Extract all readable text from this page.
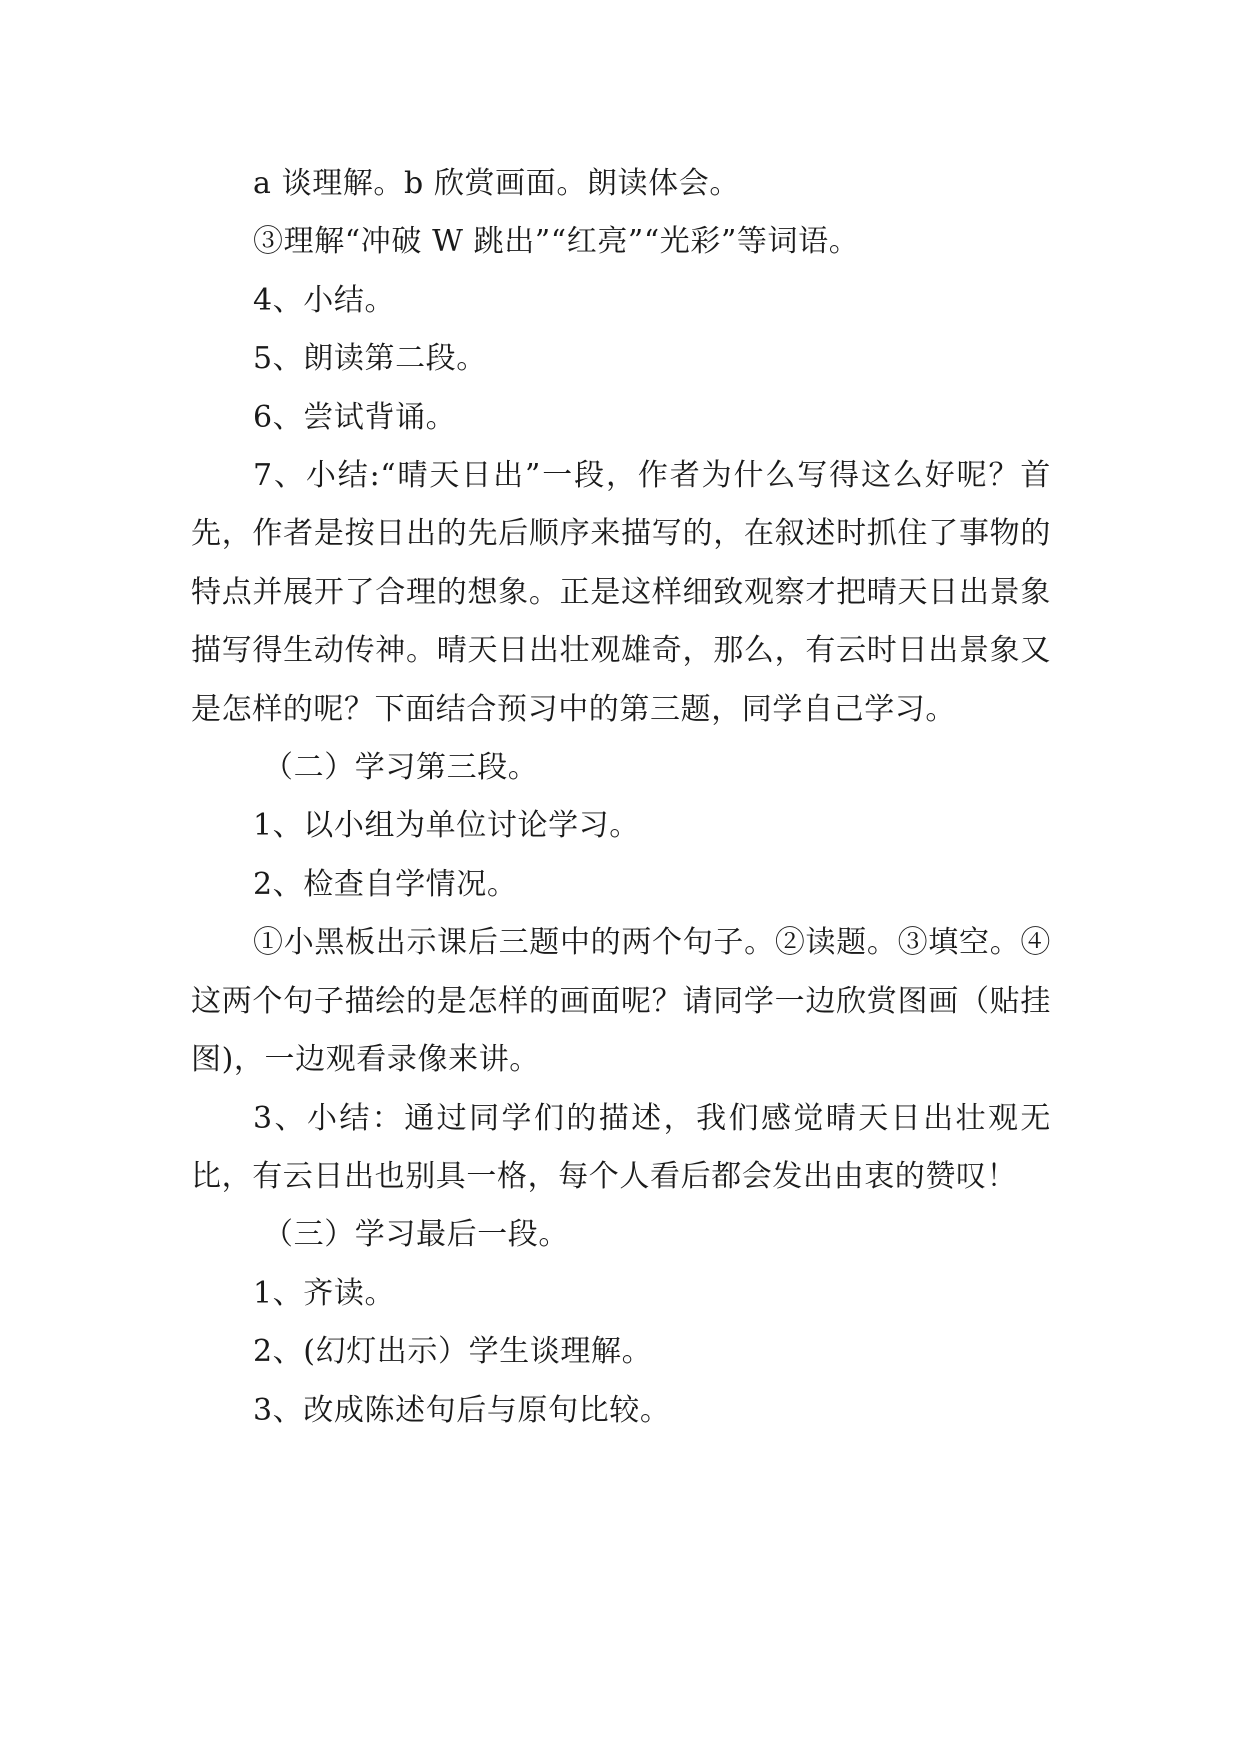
a 谈理解。b 欣赏画面。朗读体会。

③理解“冲破 W 跳出”“红亮”“光彩”等词语。

4、小结。

5、朗读第二段。

6、尝试背诵。

7、小结:“晴天日出”一段，作者为什么写得这么好呢？首先，作者是按日出的先后顺序来描写的，在叙述时抓住了事物的特点并展开了合理的想象。正是这样细致观察才把晴天日出景象描写得生动传神。晴天日出壮观雄奇，那么，有云时日出景象又是怎样的呢？下面结合预习中的第三题，同学自己学习。

（二）学习第三段。

1、以小组为单位讨论学习。

2、检查自学情况。

①小黑板出示课后三题中的两个句子。②读题。③填空。④这两个句子描绘的是怎样的画面呢？请同学一边欣赏图画（贴挂图)，一边观看录像来讲。

3、小结：通过同学们的描述，我们感觉晴天日出壮观无比，有云日出也别具一格，每个人看后都会发出由衷的赞叹！

（三）学习最后一段。

1、齐读。

2、(幻灯出示）学生谈理解。

3、改成陈述句后与原句比较。
